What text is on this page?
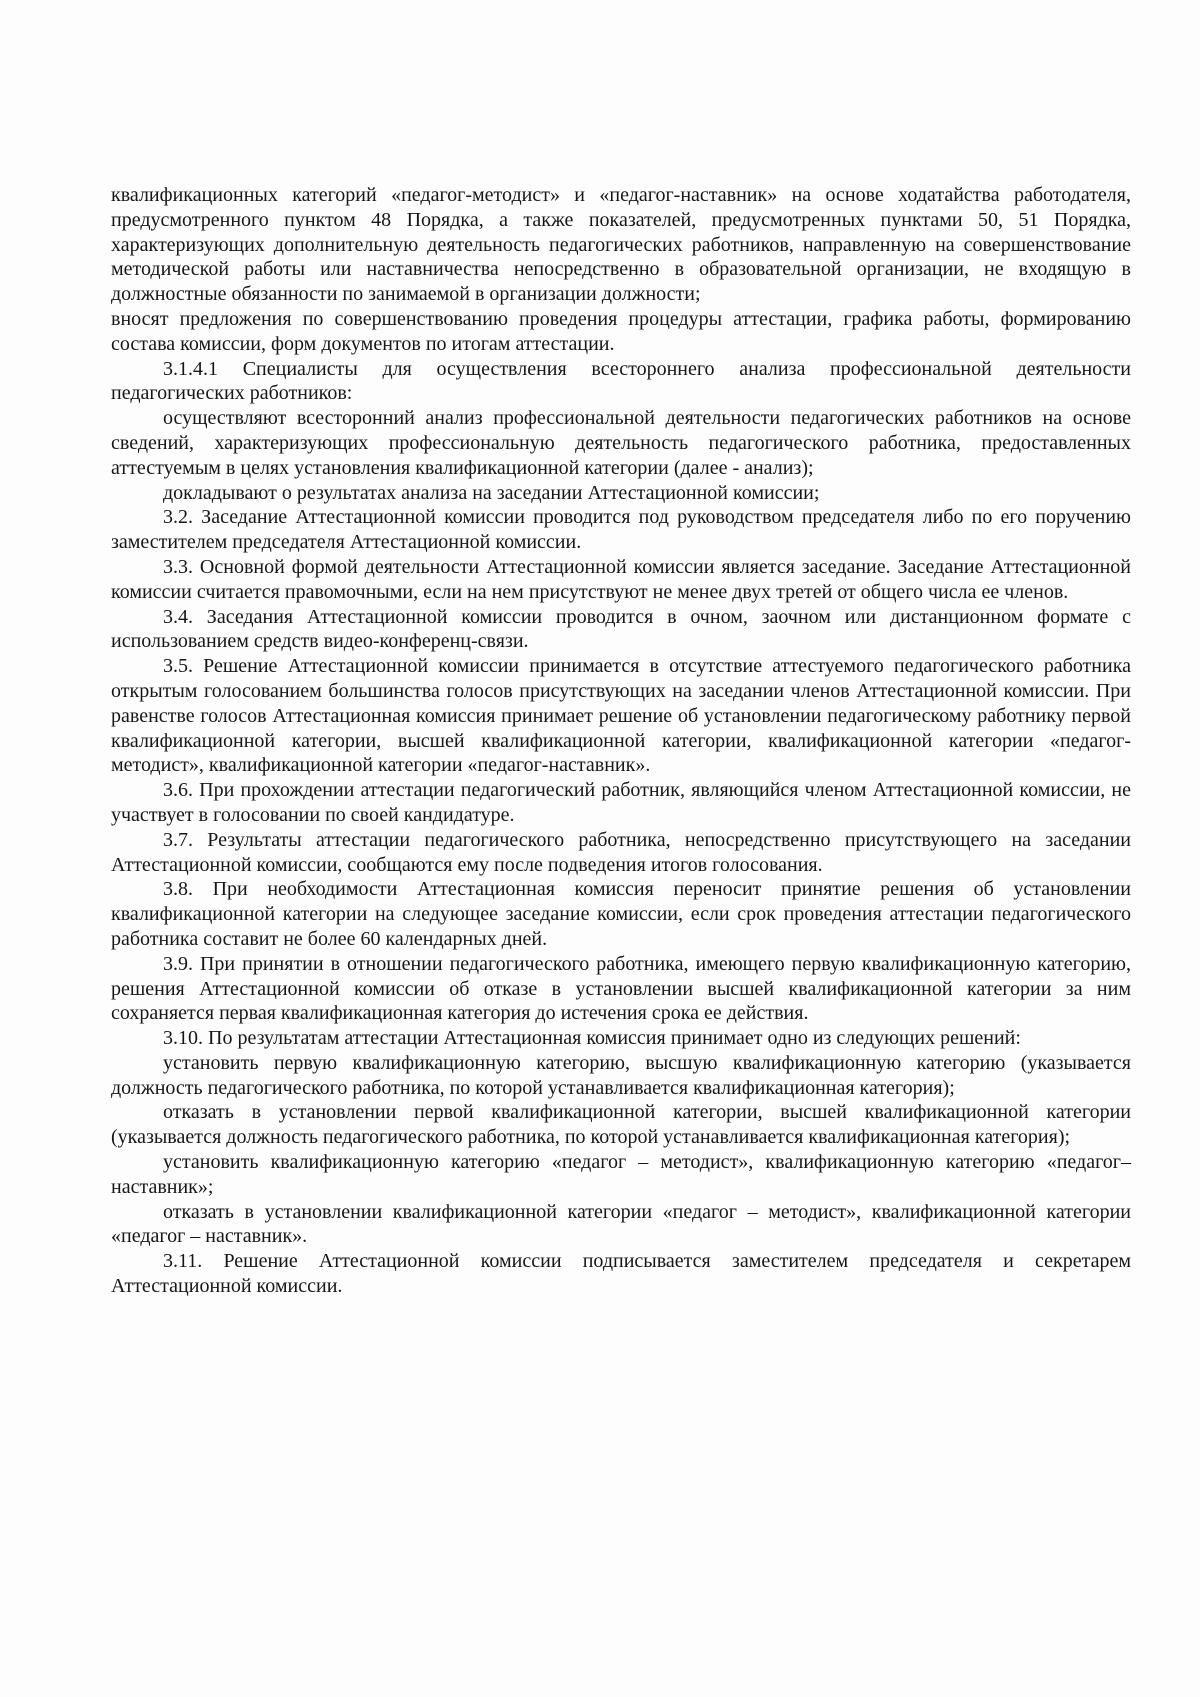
квалификационных категорий «педагог-методист» и «педагог-наставник» на основе ходатайства работодателя, предусмотренного пунктом 48 Порядка, а также показателей, предусмотренных пунктами 50, 51 Порядка, характеризующих дополнительную деятельность педагогических работников, направленную на совершенствование методической работы или наставничества непосредственно в образовательной организации, не входящую в должностные обязанности по занимаемой в организации должности;

вносят предложения по совершенствованию проведения процедуры аттестации, графика работы, формированию состава комиссии, форм документов по итогам аттестации.

3.1.4.1 Специалисты для осуществления всестороннего анализа профессиональной деятельности педагогических работников:

осуществляют всесторонний анализ профессиональной деятельности педагогических работников на основе сведений, характеризующих профессиональную деятельность педагогического работника, предоставленных аттестуемым в целях установления квалификационной категории (далее - анализ);

докладывают о результатах анализа на заседании Аттестационной комиссии;

3.2. Заседание Аттестационной комиссии проводится под руководством председателя либо по его поручению заместителем председателя Аттестационной комиссии.

3.3. Основной формой деятельности Аттестационной комиссии является заседание. Заседание Аттестационной комиссии считается правомочными, если на нем присутствуют не менее двух третей от общего числа ее членов.

3.4. Заседания Аттестационной комиссии проводится в очном, заочном или дистанционном формате с использованием средств видео-конференц-связи.

3.5. Решение Аттестационной комиссии принимается в отсутствие аттестуемого педагогического работника открытым голосованием большинства голосов присутствующих на заседании членов Аттестационной комиссии. При равенстве голосов Аттестационная комиссия принимает решение об установлении педагогическому работнику первой квалификационной категории, высшей квалификационной категории, квалификационной категории «педагог-методист», квалификационной категории «педагог-наставник».

3.6. При прохождении аттестации педагогический работник, являющийся членом Аттестационной комиссии, не участвует в голосовании по своей кандидатуре.

3.7. Результаты аттестации педагогического работника, непосредственно присутствующего на заседании Аттестационной комиссии, сообщаются ему после подведения итогов голосования.

3.8. При необходимости Аттестационная комиссия переносит принятие решения об установлении квалификационной категории на следующее заседание комиссии, если срок проведения аттестации педагогического работника составит не более 60 календарных дней.

3.9. При принятии в отношении педагогического работника, имеющего первую квалификационную категорию, решения Аттестационной комиссии об отказе в установлении высшей квалификационной категории за ним сохраняется первая квалификационная категория до истечения срока ее действия.

3.10. По результатам аттестации Аттестационная комиссия принимает одно из следующих решений:

установить первую квалификационную категорию, высшую квалификационную категорию (указывается должность педагогического работника, по которой устанавливается квалификационная категория);

отказать в установлении первой квалификационной категории, высшей квалификационной категории (указывается должность педагогического работника, по которой устанавливается квалификационная категория);

установить квалификационную категорию «педагог – методист», квалификационную категорию «педагог– наставник»;

отказать в установлении квалификационной категории «педагог – методист», квалификационной категории «педагог – наставник».

3.11. Решение Аттестационной комиссии подписывается заместителем председателя и секретарем Аттестационной комиссии.
